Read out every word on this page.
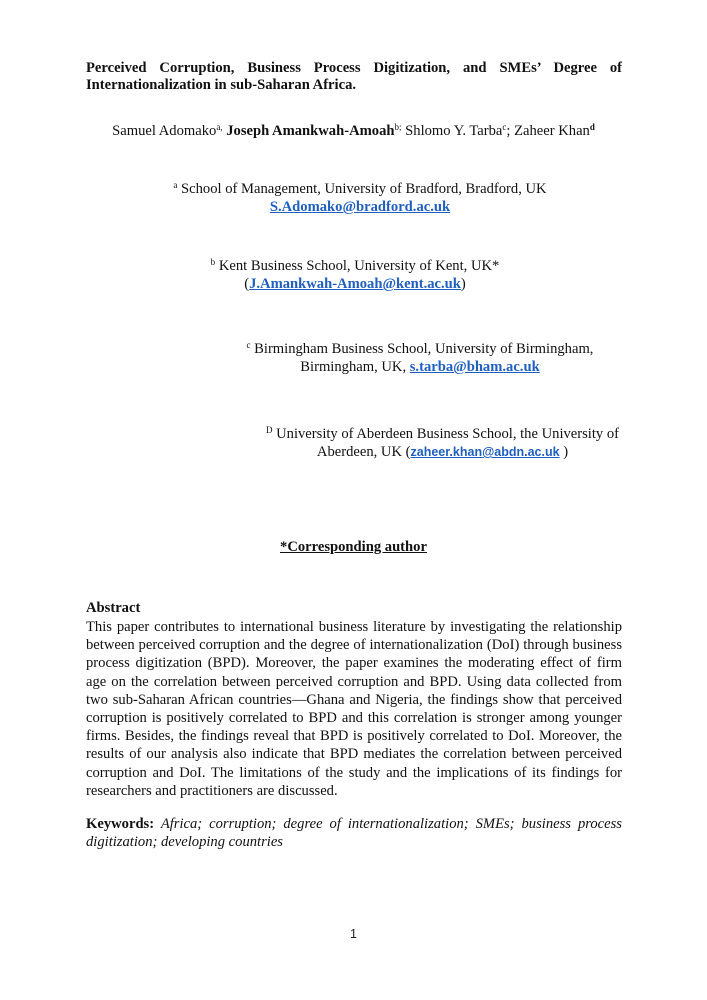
Perceived Corruption, Business Process Digitization, and SMEs’ Degree of
Internationalization in sub-Saharan Africa.
Samuel Adomako$^{a,}$ Joseph Amankwah-Amoah$^{b;}$ Shlomo Y. Tarba$^c$; Zaheer Khan$^d$
$^a$ School of Management, University of Bradford, Bradford, UK
S.Adomako@bradford.ac.uk
$^b$ Kent Business School, University of Kent, UK*
(J.Amankwah-Amoah@kent.ac.uk)
$^c$ Birmingham Business School, University of Birmingham,
Birmingham, UK, s.tarba@bham.ac.uk
$^D$ University of Aberdeen Business School, the University of
Aberdeen, UK (zaheer.khan@abdn.ac.uk )
*Corresponding author
Abstract
This paper contributes to international business literature by investigating the relationship between perceived corruption and the degree of internationalization (DoI) through business process digitization (BPD). Moreover, the paper examines the moderating effect of firm age on the correlation between perceived corruption and BPD. Using data collected from two sub-Saharan African countries—Ghana and Nigeria, the findings show that perceived corruption is positively correlated to BPD and this correlation is stronger among younger firms. Besides, the findings reveal that BPD is positively correlated to DoI. Moreover, the results of our analysis also indicate that BPD mediates the correlation between perceived corruption and DoI. The limitations of the study and the implications of its findings for researchers and practitioners are discussed.
Keywords: Africa; corruption; degree of internationalization; SMEs; business process digitization; developing countries
1
